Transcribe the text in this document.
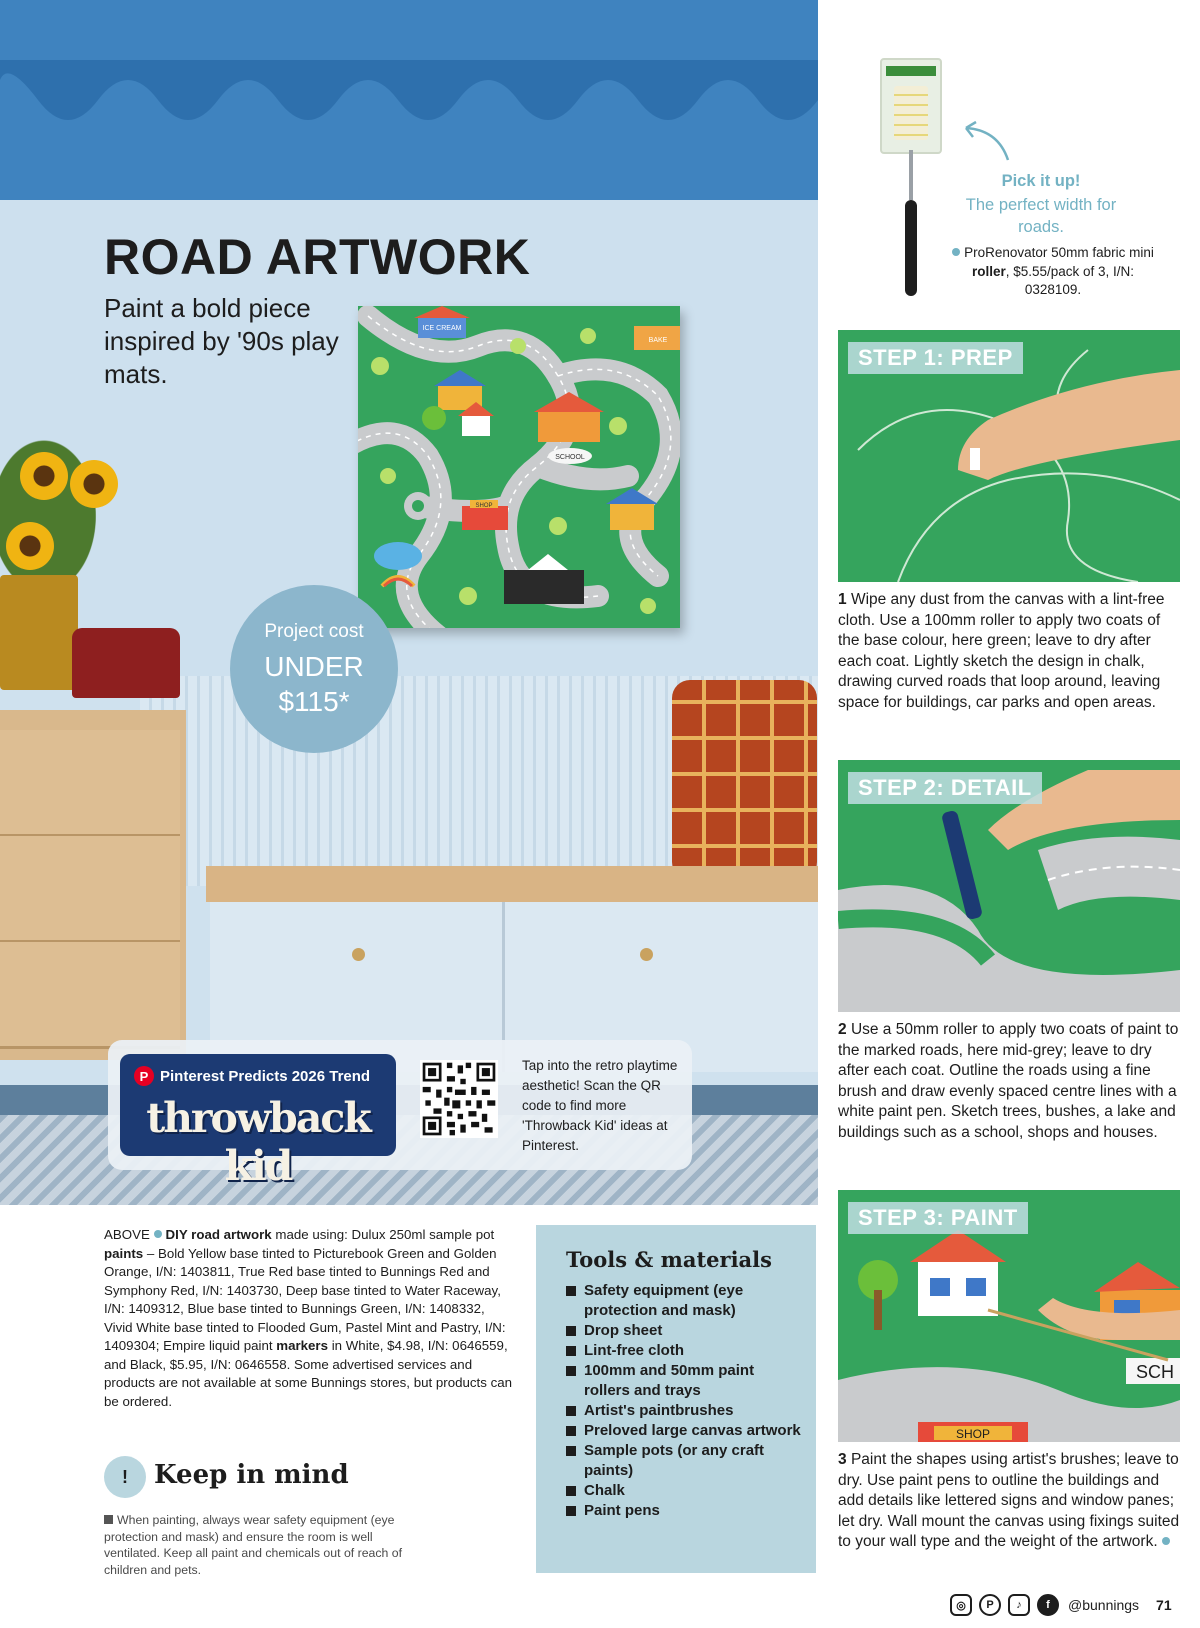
ROAD ARTWORK

Paint a bold piece inspired by '90s play mats.

ICE CREAM
BAKE
SCHOOL
SHOP
Project cost
UNDER
$115*
P Pinterest Predicts 2026 Trend
throwback kid

Tap into the retro playtime aesthetic! Scan the QR code to find more 'Throwback Kid' ideas at Pinterest.

Pick it up!

The perfect width for roads.

ProRenovator 50mm fabric mini roller, $5.55/pack of 3, I/N: 0328109.

STEP 1: PREP

1 Wipe any dust from the canvas with a lint-free cloth. Use a 100mm roller to apply two coats of the base colour, here green; leave to dry after each coat. Lightly sketch the design in chalk, drawing curved roads that loop around, leaving space for buildings, car parks and open areas.

STEP 2: DETAIL

2 Use a 50mm roller to apply two coats of paint to the marked roads, here mid-grey; leave to dry after each coat. Outline the roads using a fine brush and draw evenly spaced centre lines with a white paint pen. Sketch trees, bushes, a lake and buildings such as a school, shops and houses.

SCH
SHOP
STEP 3: PAINT

3 Paint the shapes using artist's brushes; leave to dry. Use paint pens to outline the buildings and add details like lettered signs and window panes; let dry. Wall mount the canvas using fixings suited to your wall type and the weight of the artwork.

ABOVE DIY road artwork made using: Dulux 250ml sample pot paints – Bold Yellow base tinted to Picturebook Green and Golden Orange, I/N: 1403811, True Red base tinted to Bunnings Red and Symphony Red, I/N: 1403730, Deep base tinted to Water Raceway, I/N: 1409312, Blue base tinted to Bunnings Green, I/N: 1408332, Vivid White base tinted to Flooded Gum, Pastel Mint and Pastry, I/N: 1409304; Empire liquid paint markers in White, $4.98, I/N: 0646559, and Black, $5.95, I/N: 0646558. Some advertised services and products are not available at some Bunnings stores, but products can be ordered.

Tools & materials
Safety equipment (eye protection and mask)
Drop sheet
Lint-free cloth
100mm and 50mm paint rollers and trays
Artist's paintbrushes
Preloved large canvas artwork
Sample pots (or any craft paints)
Chalk
Paint pens
!	Keep in mind

When painting, always wear safety equipment (eye protection and mask) and ensure the room is well ventilated. Keep all paint and chemicals out of reach of children and pets.

◎	P	♪	f	@bunnings 71
